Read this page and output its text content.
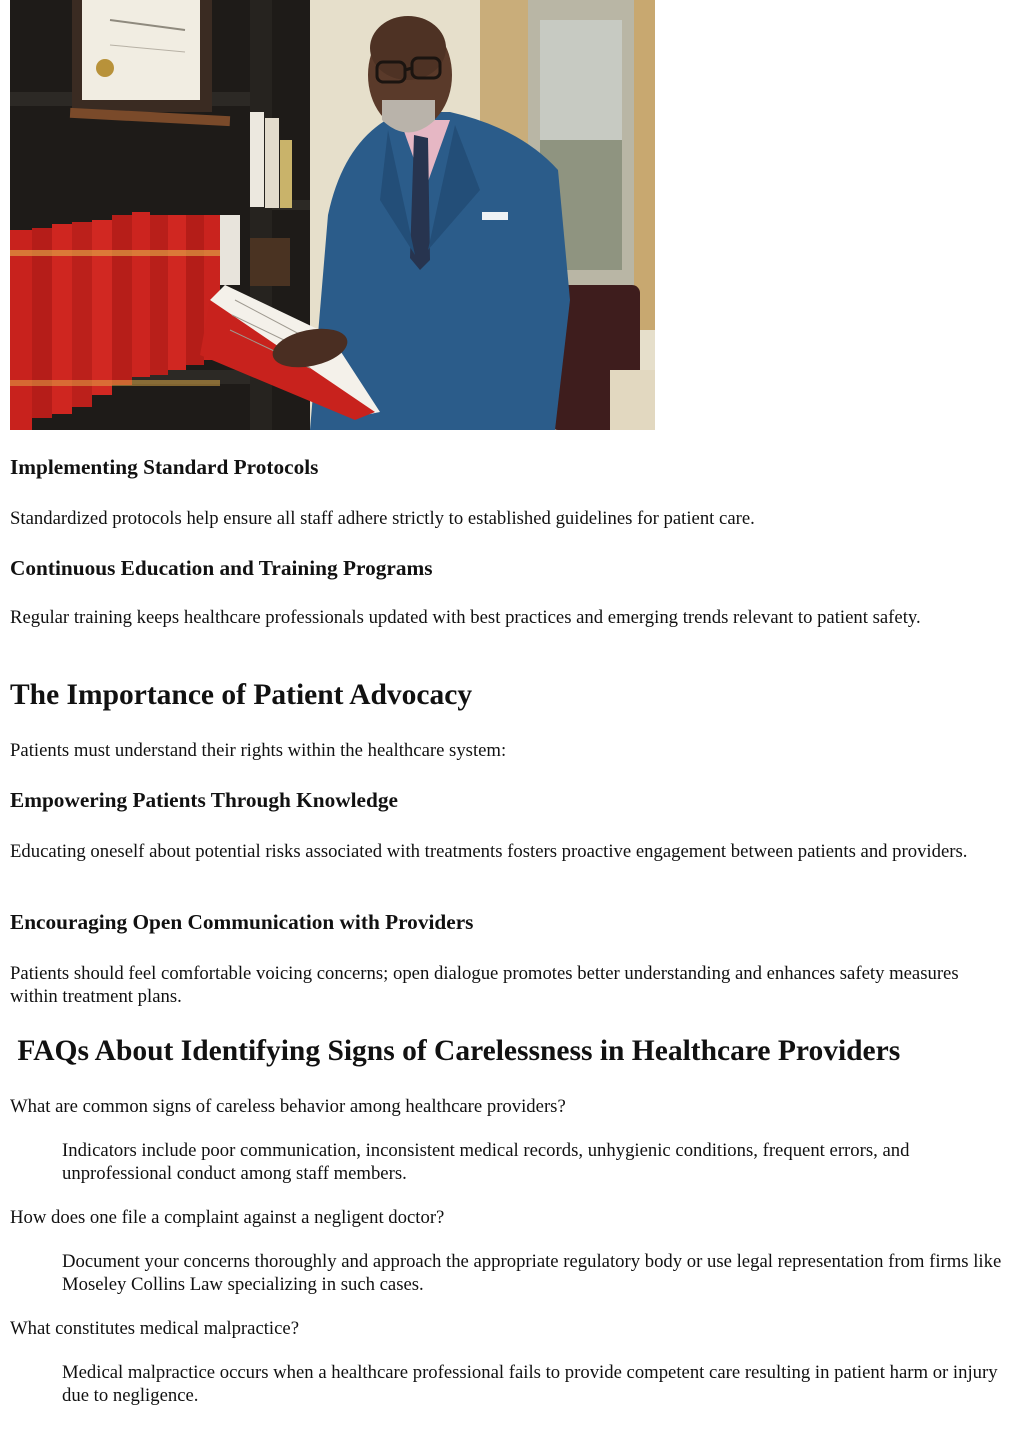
Implementing Standard Protocols

Standardized protocols help ensure all staff adhere strictly to established guidelines for patient care.

Continuous Education and Training Programs

Regular training keeps healthcare professionals updated with best practices and emerging trends relevant to patient safety.

The Importance of Patient Advocacy

Patients must understand their rights within the healthcare system:

Empowering Patients Through Knowledge

Educating oneself about potential risks associated with treatments fosters proactive engagement between patients and providers.

Encouraging Open Communication with Providers

Patients should feel comfortable voicing concerns; open dialogue promotes better understanding and enhances safety measures within treatment plans.

FAQs About Identifying Signs of Carelessness in Healthcare Providers
What are common signs of careless behavior among healthcare providers?
Indicators include poor communication, inconsistent medical records, unhygienic conditions, frequent errors, and unprofessional conduct among staff members.
How does one file a complaint against a negligent doctor?
Document your concerns thoroughly and approach the appropriate regulatory body or use legal representation from firms like Moseley Collins Law specializing in such cases.
What constitutes medical malpractice?
Medical malpractice occurs when a healthcare professional fails to provide competent care resulting in patient harm or injury due to negligence.
